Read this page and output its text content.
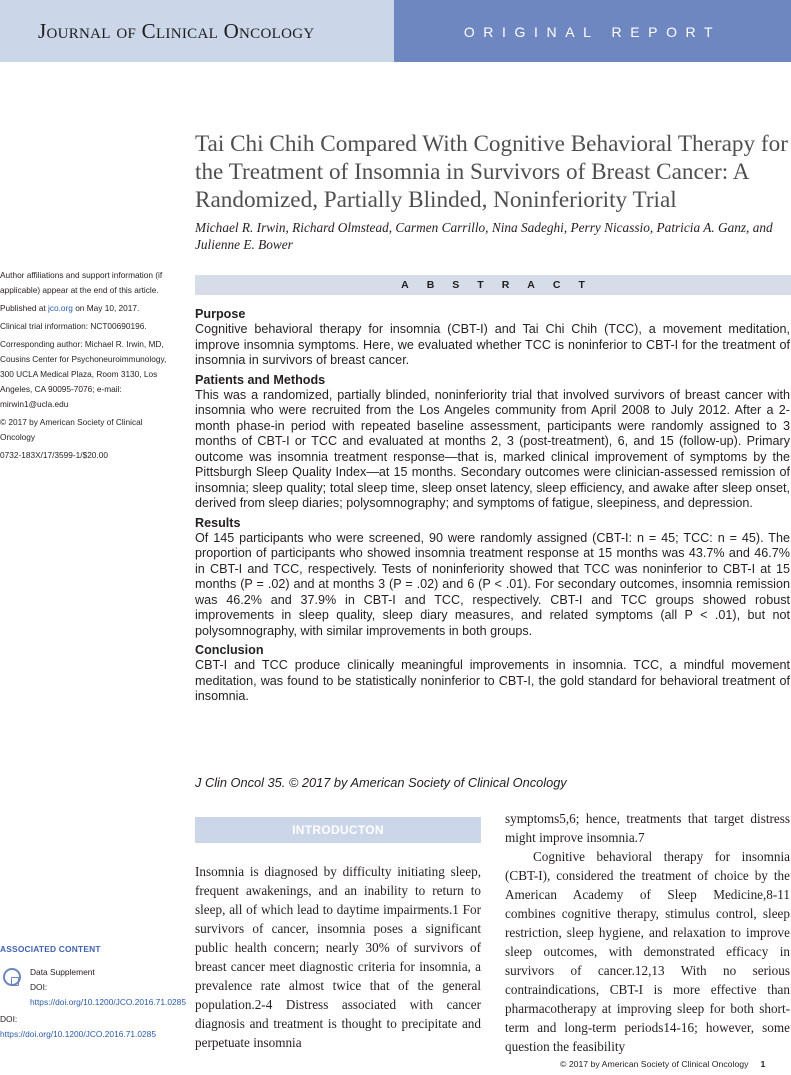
Journal of Clinical Oncology	ORIGINAL REPORT
Tai Chi Chih Compared With Cognitive Behavioral Therapy for the Treatment of Insomnia in Survivors of Breast Cancer: A Randomized, Partially Blinded, Noninferiority Trial
Michael R. Irwin, Richard Olmstead, Carmen Carrillo, Nina Sadeghi, Perry Nicassio, Patricia A. Ganz, and Julienne E. Bower

Author affiliations and support information (if applicable) appear at the end of this article.

Published at jco.org on May 10, 2017.

Clinical trial information: NCT00690196.

Corresponding author: Michael R. Irwin, MD, Cousins Center for Psychoneuroimmunology, 300 UCLA Medical Plaza, Room 3130, Los Angeles, CA 90095-7076; e-mail: mirwin1@ucla.edu

© 2017 by American Society of Clinical Oncology

0732-183X/17/3599-1/$20.00

ASSOCIATED CONTENT
Data Supplement
DOI: https://doi.org/10.1200/JCO.2016.71.0285
DOI: https://doi.org/10.1200/JCO.2016.71.0285
ABSTRACT
Purpose

Cognitive behavioral therapy for insomnia (CBT-I) and Tai Chi Chih (TCC), a movement meditation, improve insomnia symptoms. Here, we evaluated whether TCC is noninferior to CBT-I for the treatment of insomnia in survivors of breast cancer.

Patients and Methods

This was a randomized, partially blinded, noninferiority trial that involved survivors of breast cancer with insomnia who were recruited from the Los Angeles community from April 2008 to July 2012. After a 2-month phase-in period with repeated baseline assessment, participants were randomly assigned to 3 months of CBT-I or TCC and evaluated at months 2, 3 (post-treatment), 6, and 15 (follow-up). Primary outcome was insomnia treatment response—that is, marked clinical improvement of symptoms by the Pittsburgh Sleep Quality Index—at 15 months. Secondary outcomes were clinician-assessed remission of insomnia; sleep quality; total sleep time, sleep onset latency, sleep efficiency, and awake after sleep onset, derived from sleep diaries; polysomnography; and symptoms of fatigue, sleepiness, and depression.

Results

Of 145 participants who were screened, 90 were randomly assigned (CBT-I: n = 45; TCC: n = 45). The proportion of participants who showed insomnia treatment response at 15 months was 43.7% and 46.7% in CBT-I and TCC, respectively. Tests of noninferiority showed that TCC was noninferior to CBT-I at 15 months (P = .02) and at months 3 (P = .02) and 6 (P < .01). For secondary outcomes, insomnia remission was 46.2% and 37.9% in CBT-I and TCC, respectively. CBT-I and TCC groups showed robust improvements in sleep quality, sleep diary measures, and related symptoms (all P < .01), but not polysomnography, with similar improvements in both groups.

Conclusion

CBT-I and TCC produce clinically meaningful improvements in insomnia. TCC, a mindful movement meditation, was found to be statistically noninferior to CBT-I, the gold standard for behavioral treatment of insomnia.

J Clin Oncol 35. © 2017 by American Society of Clinical Oncology
INTRODUCTON

Insomnia is diagnosed by difficulty initiating sleep, frequent awakenings, and an inability to return to sleep, all of which lead to daytime impairments.1 For survivors of cancer, insomnia poses a significant public health concern; nearly 30% of survivors of breast cancer meet diagnostic criteria for insomnia, a prevalence rate almost twice that of the general population.2-4 Distress associated with cancer diagnosis and treatment is thought to precipitate and perpetuate insomnia

symptoms5,6; hence, treatments that target distress might improve insomnia.7

Cognitive behavioral therapy for insomnia (CBT-I), considered the treatment of choice by the American Academy of Sleep Medicine,8-11 combines cognitive therapy, stimulus control, sleep restriction, sleep hygiene, and relaxation to improve sleep outcomes, with demonstrated efficacy in survivors of cancer.12,13 With no serious contraindications, CBT-I is more effective than pharmacotherapy at improving sleep for both short-term and long-term periods14-16; however, some question the feasibility

© 2017 by American Society of Clinical Oncology 1
